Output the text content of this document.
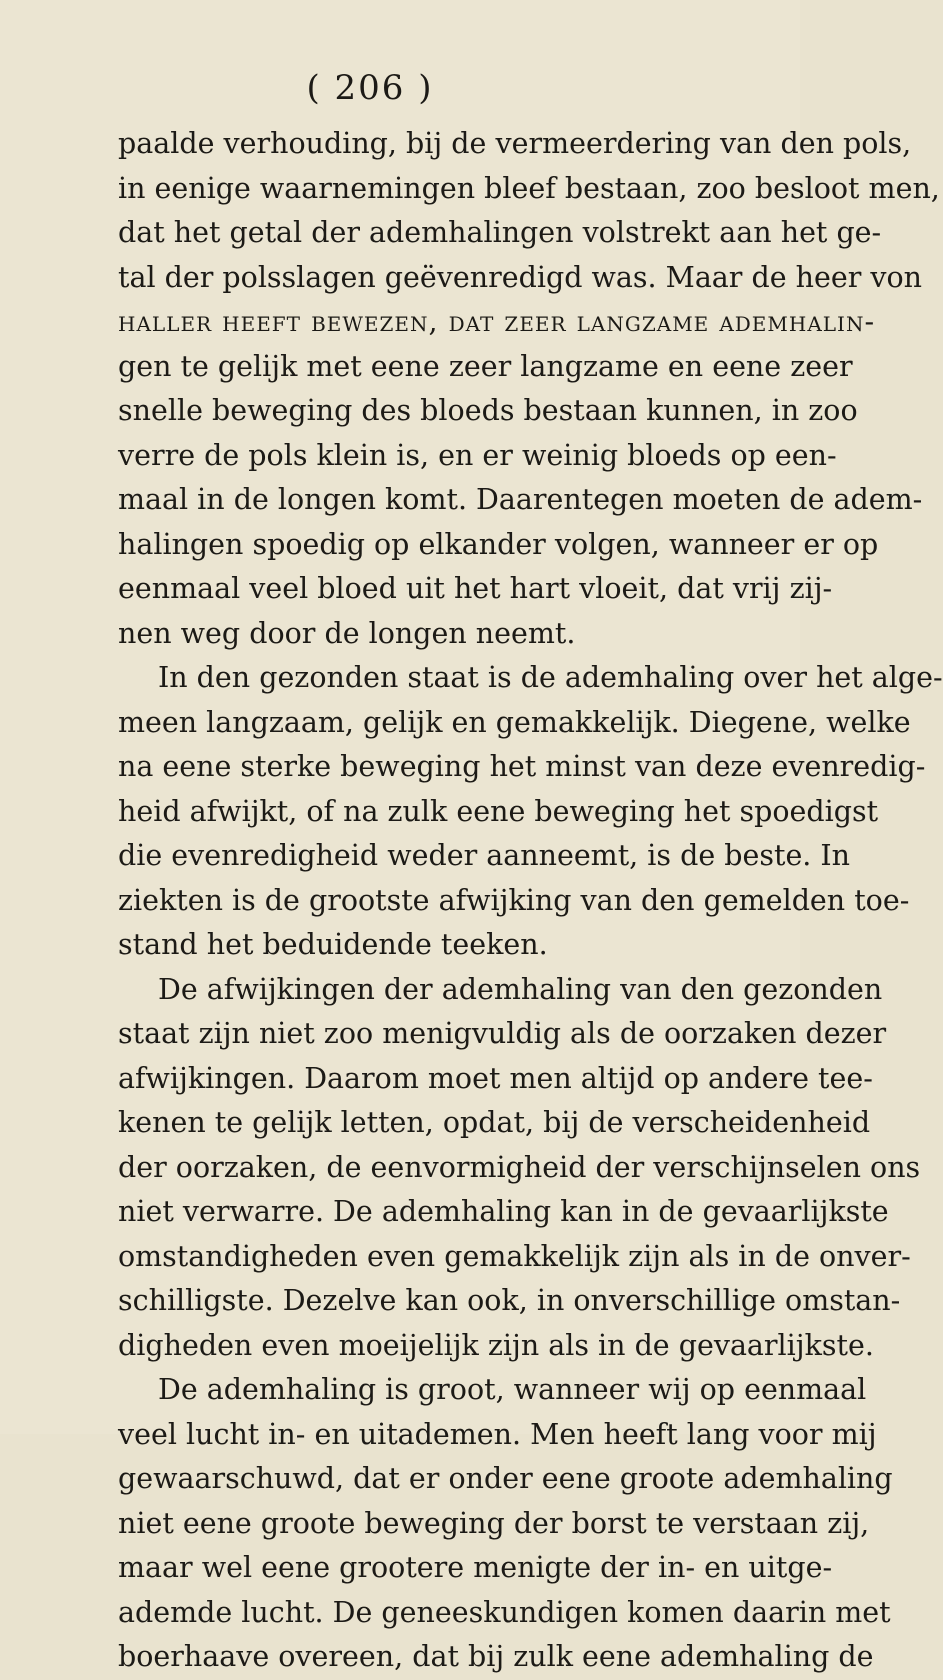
( 206 )
paalde verhouding, bij de vermeerdering van den pols,
in eenige waarnemingen bleef bestaan, zoo besloot men,
dat het getal der ademhalingen volstrekt aan het ge-
tal der polsslagen geëvenredigd was. Maar de heer von
haller heeft bewezen, dat zeer langzame ademhalin-
gen te gelijk met eene zeer langzame en eene zeer
snelle beweging des bloeds bestaan kunnen, in zoo
verre de pols klein is, en er weinig bloeds op een-
maal in de longen komt. Daarentegen moeten de adem-
halingen spoedig op elkander volgen, wanneer er op
eenmaal veel bloed uit het hart vloeit, dat vrij zij-
nen weg door de longen neemt.
In den gezonden staat is de ademhaling over het alge-
meen langzaam, gelijk en gemakkelijk. Diegene, welke
na eene sterke beweging het minst van deze evenredig-
heid afwijkt, of na zulk eene beweging het spoedigst
die evenredigheid weder aanneemt, is de beste. In
ziekten is de grootste afwijking van den gemelden toe-
stand het beduidende teeken.
De afwijkingen der ademhaling van den gezonden
staat zijn niet zoo menigvuldig als de oorzaken dezer
afwijkingen. Daarom moet men altijd op andere tee-
kenen te gelijk letten, opdat, bij de verscheidenheid
der oorzaken, de eenvormigheid der verschijnselen ons
niet verwarre. De ademhaling kan in de gevaarlijkste
omstandigheden even gemakkelijk zijn als in de onver-
schilligste. Dezelve kan ook, in onverschillige omstan-
digheden even moeijelijk zijn als in de gevaarlijkste.
De ademhaling is groot, wanneer wij op eenmaal
veel lucht in- en uitademen. Men heeft lang voor mij
gewaarschuwd, dat er onder eene groote ademhaling
niet eene groote beweging der borst te verstaan zij,
maar wel eene grootere menigte der in- en uitge-
ademde lucht. De geneeskundigen komen daarin met
boerhaave overeen, dat bij zulk eene ademhaling de
